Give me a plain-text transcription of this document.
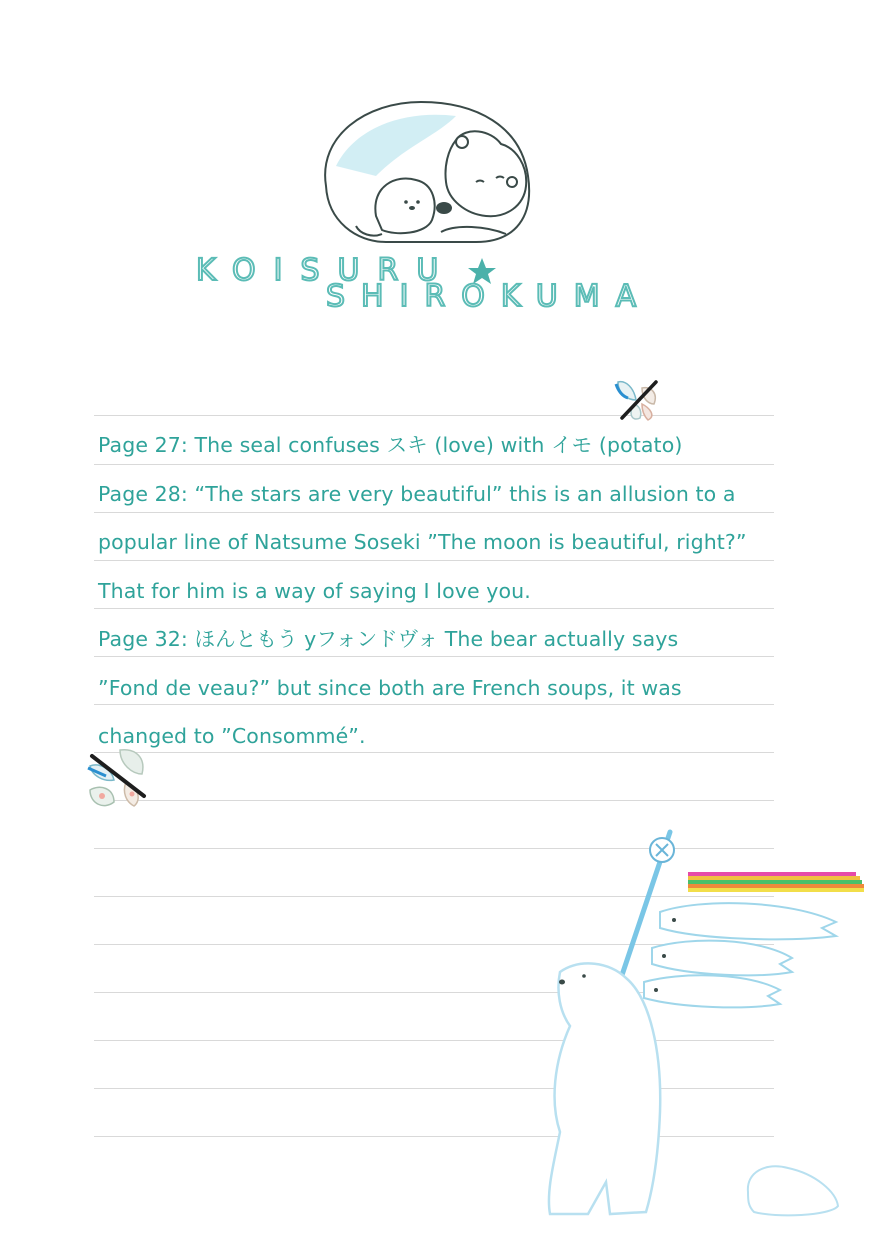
KOISURU
SHIROKUMA
Page 27: The seal confuses スキ (love) with イモ (potato)
Page 28: “The stars are very beautiful” this is an allusion to a
popular line of Natsume Soseki ”The moon is beautiful, right?”
That for him is a way of saying I love you.
Page 32: ほんともう yフォンドヴォ The bear actually says
”Fond de veau?” but since both are French soups, it was
changed to ”Consommé”.
